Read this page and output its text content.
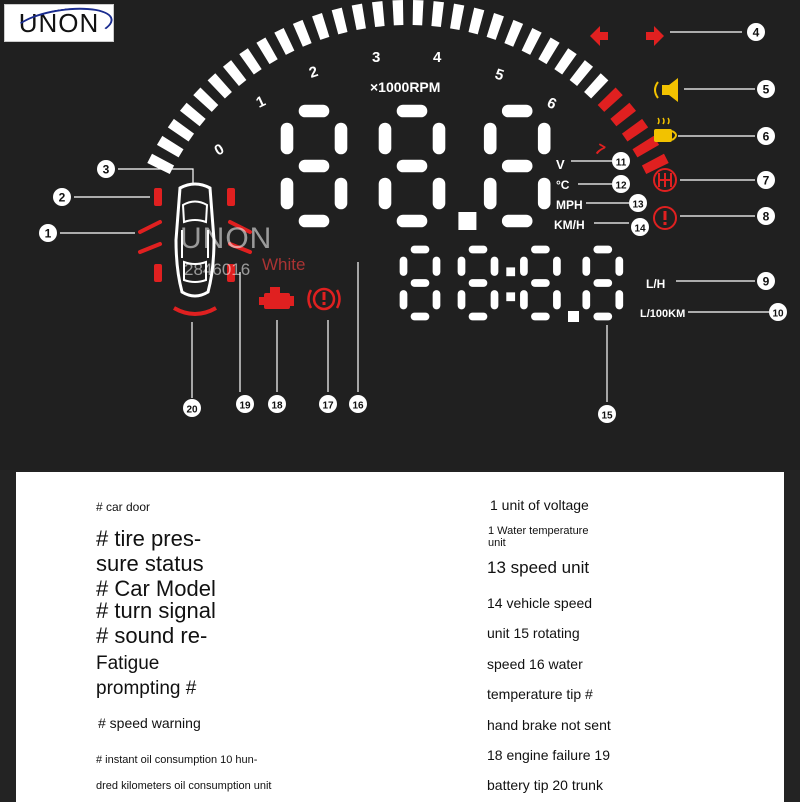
UNON
0
1
2
3	4
5
6
7
×1000RPM
V
°C
MPH
KM/H
L/H
L/100KM
1
2
3
4
5
6
7
8
9
10
11
12
13
14
15
16
17
18
19
20
UNON
2846016 White
# car door
# tire pres-
sure status
# Car Model
# turn signal
# sound re-
Fatigue
prompting #
# speed warning
# instant oil consumption 10 hun-
dred kilometers oil consumption unit
1 unit of voltage
1 Water temperature
unit
13 speed unit
14 vehicle speed
unit 15 rotating
speed 16 water
temperature tip #
hand brake not sent
18 engine failure 19
battery tip 20 trunk
